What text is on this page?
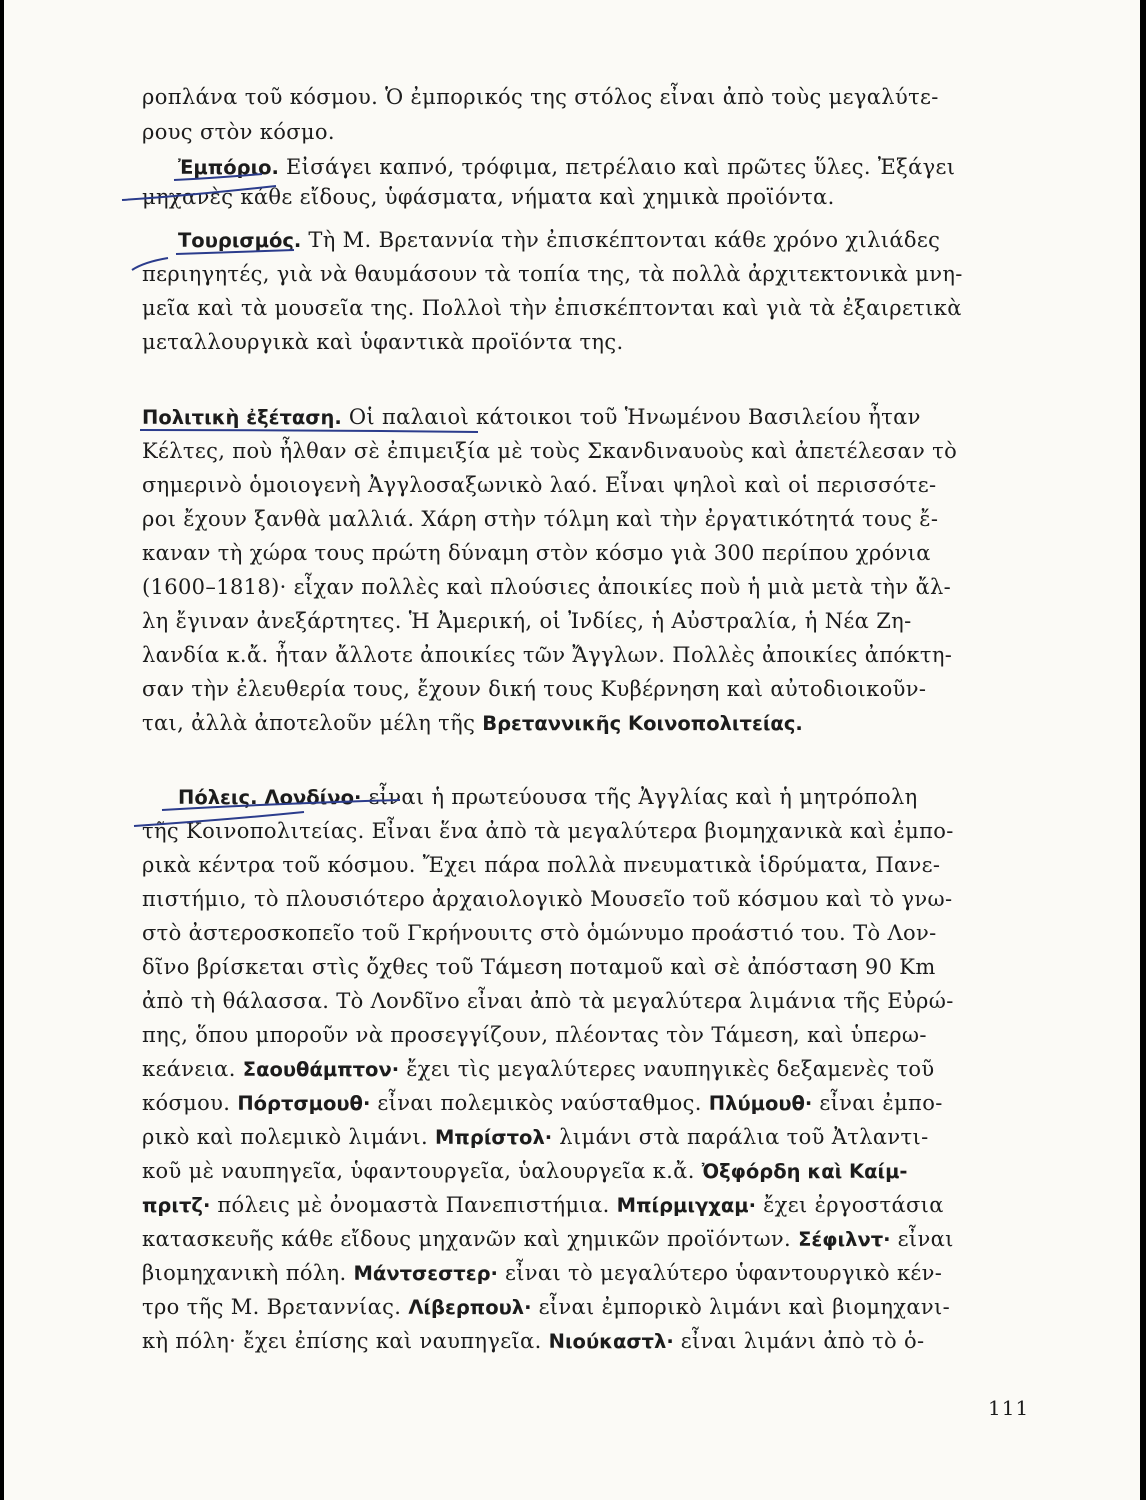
ροπλάνα τοῦ κόσμου. Ὁ ἐμπορικός της στόλος εἶναι ἀπὸ τοὺς μεγαλύτε-
ρους στὸν κόσμο.
Ἐμπόριο. Εἰσάγει καπνό, τρόφιμα, πετρέλαιο καὶ πρῶτες ὕλες. Ἐξάγει
μηχανὲς κάθε εἴδους, ὑφάσματα, νήματα καὶ χημικὰ προϊόντα.
Τουρισμός. Τὴ Μ. Βρεταννία τὴν ἐπισκέπτονται κάθε χρόνο χιλιάδες
περιηγητές, γιὰ νὰ θαυμάσουν τὰ τοπία της, τὰ πολλὰ ἀρχιτεκτονικὰ μνη-
μεῖα καὶ τὰ μουσεῖα της. Πολλοὶ τὴν ἐπισκέπτονται καὶ γιὰ τὰ ἐξαιρετικὰ
μεταλλουργικὰ καὶ ὑφαντικὰ προϊόντα της.
Πολιτικὴ ἐξέταση. Οἱ παλαιοὶ κάτοικοι τοῦ Ἡνωμένου Βασιλείου ἦταν
Κέλτες, ποὺ ἦλθαν σὲ ἐπιμειξία μὲ τοὺς Σκανδιναυοὺς καὶ ἀπετέλεσαν τὸ
σημερινὸ ὁμοιογενὴ Ἀγγλοσαξωνικὸ λαό. Εἶναι ψηλοὶ καὶ οἱ περισσότε-
ροι ἔχουν ξανθὰ μαλλιά. Χάρη στὴν τόλμη καὶ τὴν ἐργατικότητά τους ἔ-
καναν τὴ χώρα τους πρώτη δύναμη στὸν κόσμο γιὰ 300 περίπου χρόνια
(1600–1818)· εἶχαν πολλὲς καὶ πλούσιες ἀποικίες ποὺ ἡ μιὰ μετὰ τὴν ἄλ-
λη ἔγιναν ἀνεξάρτητες. Ἡ Ἀμερική, οἱ Ἰνδίες, ἡ Αὐστραλία, ἡ Νέα Ζη-
λανδία κ.ἄ. ἦταν ἄλλοτε ἀποικίες τῶν Ἄγγλων. Πολλὲς ἀποικίες ἀπόκτη-
σαν τὴν ἐλευθερία τους, ἔχουν δική τους Κυβέρνηση καὶ αὐτοδιοικοῦν-
ται, ἀλλὰ ἀποτελοῦν μέλη τῆς Βρεταννικῆς Κοινοπολιτείας.
Πόλεις. Λονδίνο· εἶναι ἡ πρωτεύουσα τῆς Ἀγγλίας καὶ ἡ μητρόπολη
τῆς Κοινοπολιτείας. Εἶναι ἕνα ἀπὸ τὰ μεγαλύτερα βιομηχανικὰ καὶ ἐμπο-
ρικὰ κέντρα τοῦ κόσμου. Ἔχει πάρα πολλὰ πνευματικὰ ἱδρύματα, Πανε-
πιστήμιο, τὸ πλουσιότερο ἀρχαιολογικὸ Μουσεῖο τοῦ κόσμου καὶ τὸ γνω-
στὸ ἀστεροσκοπεῖο τοῦ Γκρήνουιτς στὸ ὁμώνυμο προάστιό του. Τὸ Λον-
δῖνο βρίσκεται στὶς ὄχθες τοῦ Τάμεση ποταμοῦ καὶ σὲ ἀπόσταση 90 Km
ἀπὸ τὴ θάλασσα. Τὸ Λονδῖνο εἶναι ἀπὸ τὰ μεγαλύτερα λιμάνια τῆς Εὐρώ-
πης, ὅπου μποροῦν νὰ προσεγγίζουν, πλέοντας τὸν Τάμεση, καὶ ὑπερω-
κεάνεια. Σαουθάμπτον· ἔχει τὶς μεγαλύτερες ναυπηγικὲς δεξαμενὲς τοῦ
κόσμου. Πόρτσμουθ· εἶναι πολεμικὸς ναύσταθμος. Πλύμουθ· εἶναι ἐμπο-
ρικὸ καὶ πολεμικὸ λιμάνι. Μπρίστολ· λιμάνι στὰ παράλια τοῦ Ἀτλαντι-
κοῦ μὲ ναυπηγεῖα, ὑφαντουργεῖα, ὑαλουργεῖα κ.ἄ. Ὀξφόρδη καὶ Καίμ-
πριτζ· πόλεις μὲ ὀνομαστὰ Πανεπιστήμια. Μπίρμιγχαμ· ἔχει ἐργοστάσια
κατασκευῆς κάθε εἴδους μηχανῶν καὶ χημικῶν προϊόντων. Σέφιλντ· εἶναι
βιομηχανικὴ πόλη. Μάντσεστερ· εἶναι τὸ μεγαλύτερο ὑφαντουργικὸ κέν-
τρο τῆς Μ. Βρεταννίας. Λίβερπουλ· εἶναι ἐμπορικὸ λιμάνι καὶ βιομηχανι-
κὴ πόλη· ἔχει ἐπίσης καὶ ναυπηγεῖα. Νιούκαστλ· εἶναι λιμάνι ἀπὸ τὸ ὁ-
111
